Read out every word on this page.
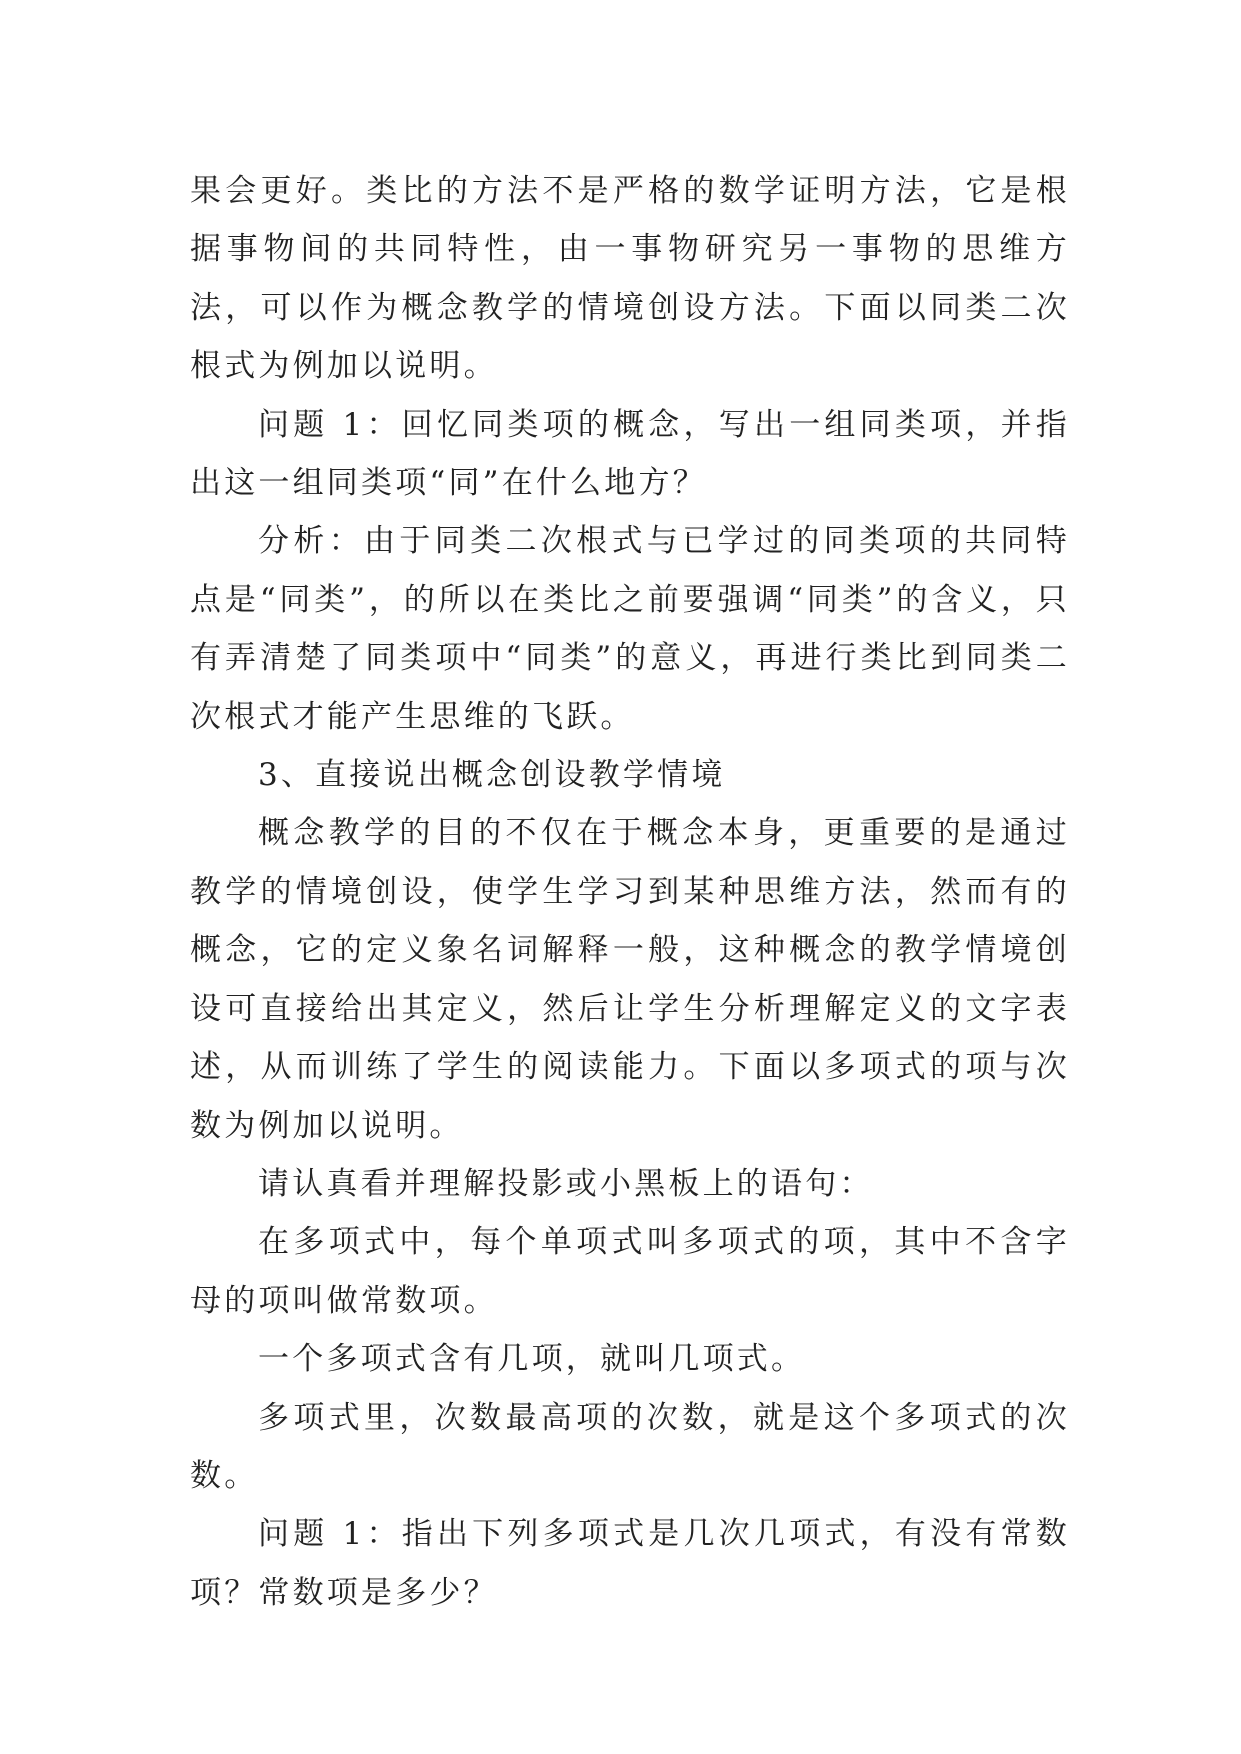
果会更好。类比的方法不是严格的数学证明方法，它是根据事物间的共同特性，由一事物研究另一事物的思维方法，可以作为概念教学的情境创设方法。下面以同类二次根式为例加以说明。

问题 1：回忆同类项的概念，写出一组同类项，并指出这一组同类项“同”在什么地方？

分析：由于同类二次根式与已学过的同类项的共同特点是“同类”，的所以在类比之前要强调“同类”的含义，只有弄清楚了同类项中“同类”的意义，再进行类比到同类二次根式才能产生思维的飞跃。

3、直接说出概念创设教学情境

概念教学的目的不仅在于概念本身，更重要的是通过教学的情境创设，使学生学习到某种思维方法，然而有的概念，它的定义象名词解释一般，这种概念的教学情境创设可直接给出其定义，然后让学生分析理解定义的文字表述，从而训练了学生的阅读能力。下面以多项式的项与次数为例加以说明。

请认真看并理解投影或小黑板上的语句：

在多项式中，每个单项式叫多项式的项，其中不含字母的项叫做常数项。

一个多项式含有几项，就叫几项式。

多项式里，次数最高项的次数，就是这个多项式的次数。

问题 1：指出下列多项式是几次几项式，有没有常数项？常数项是多少？
